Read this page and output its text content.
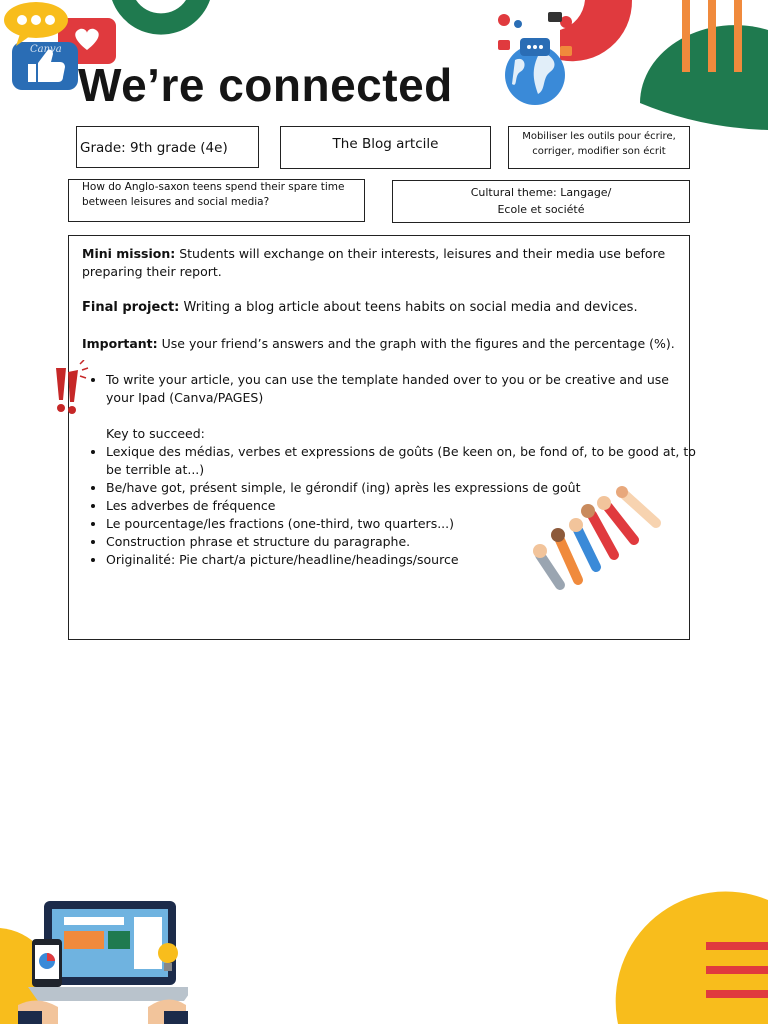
Canva
We’re connected
Grade: 9th grade (4e)	The Blog artcile	Mobiliser les outils pour écrire, corriger, modifier son écrit
How do Anglo-saxon teens spend their spare time between leisures and social media?
Cultural theme: Langage/
Ecole et société

Mini mission: Students will exchange on their interests, leisures and their media use before preparing their report.

Final project: Writing a blog article about teens habits on social media and devices.

Important: Use your friend’s answers and the graph with the figures and the percentage (%).

• To write your article, you can use the template handed over to you or be creative and use your Ipad (Canva/PAGES)

Key to succeed:

• Lexique des médias, verbes et expressions de goûts (Be keen on, be fond of, to be good at, to be terrible at...)
• Be/have got, présent simple, le gérondif (ing) après les expressions de goût
• Les adverbes de fréquence
• Le pourcentage/les fractions (one-third, two quarters...)
• Construction phrase et structure du paragraphe.
• Originalité: Pie chart/a picture/headline/headings/source
